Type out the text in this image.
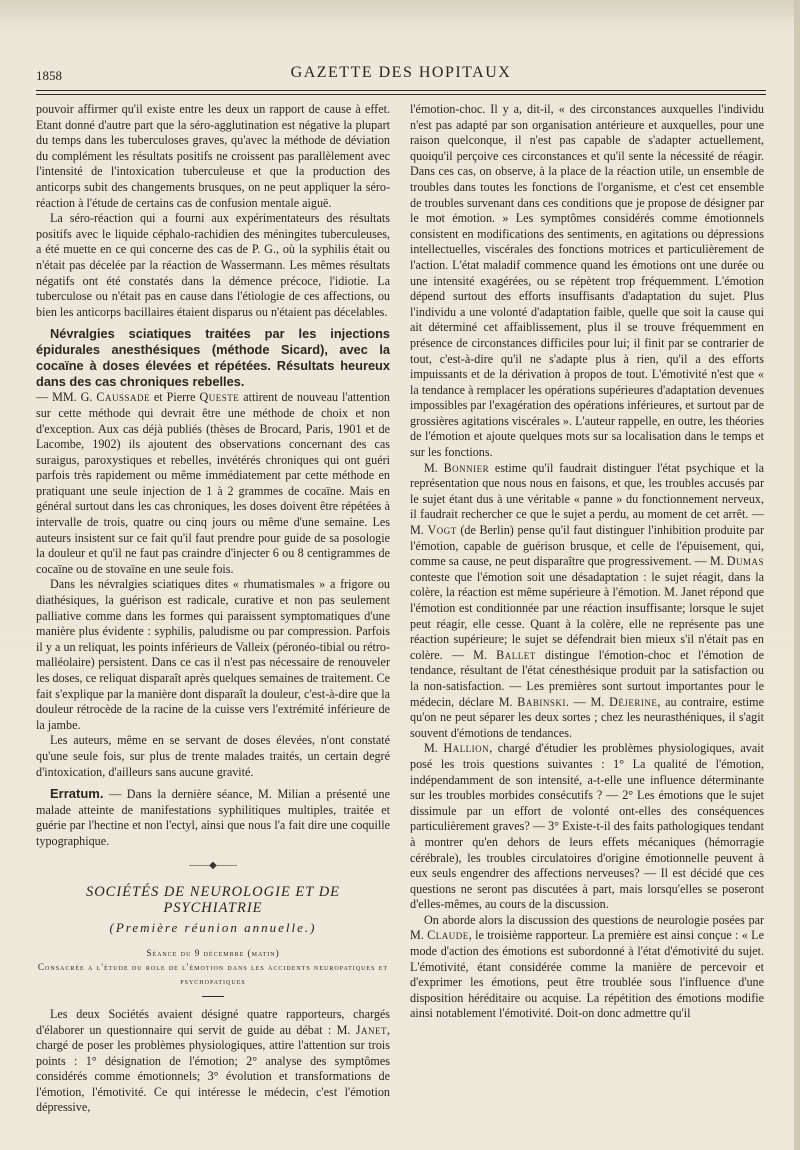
1858	GAZETTE DES HOPITAUX

pouvoir affirmer qu'il existe entre les deux un rapport de cause à effet. Etant donné d'autre part que la séro-agglutination est négative la plupart du temps dans les tuberculoses graves, qu'avec la méthode de déviation du complément les résultats positifs ne croissent pas parallèlement avec l'intensité de l'intoxication tuberculeuse et que la production des anticorps subit des changements brusques, on ne peut appliquer la séro-réaction à l'étude de certains cas de confusion mentale aiguë.

La séro-réaction qui a fourni aux expérimentateurs des résultats positifs avec le liquide céphalo-rachidien des méningites tuberculeuses, a été muette en ce qui concerne des cas de P. G., où la syphilis était ou n'était pas décelée par la réaction de Wassermann. Les mêmes résultats négatifs ont été constatés dans la démence précoce, l'idiotie. La tuberculose ou n'était pas en cause dans l'étiologie de ces affections, ou bien les anticorps bacillaires étaient disparus ou n'étaient pas décelables.

Névralgies sciatiques traitées par les injections épidurales anesthésiques (méthode Sicard), avec la cocaïne à doses élevées et répétées. Résultats heureux dans des cas chroniques rebelles.

— MM. G. Caussade et Pierre Queste attirent de nouveau l'attention sur cette méthode qui devrait être une méthode de choix et non d'exception. Aux cas déjà publiés (thèses de Brocard, Paris, 1901 et de Lacombe, 1902) ils ajoutent des observations concernant des cas suraigus, paroxystiques et rebelles, invétérés chroniques qui ont guéri parfois très rapidement ou même immédiatement par cette méthode en pratiquant une seule injection de 1 à 2 grammes de cocaïne. Mais en général surtout dans les cas chroniques, les doses doivent être répétées à intervalle de trois, quatre ou cinq jours ou même d'une semaine. Les auteurs insistent sur ce fait qu'il faut prendre pour guide de sa posologie la douleur et qu'il ne faut pas craindre d'injecter 6 ou 8 centigrammes de cocaïne ou de stovaïne en une seule fois.

Dans les névralgies sciatiques dites « rhumatismales » a frigore ou diathésiques, la guérison est radicale, curative et non pas seulement palliative comme dans les formes qui paraissent symptomatiques d'une manière plus évidente : syphilis, paludisme ou par compression. Parfois il y a un reliquat, les points inférieurs de Valleix (péronéo-tibial ou rétro-malléolaire) persistent. Dans ce cas il n'est pas nécessaire de renouveler les doses, ce reliquat disparaît après quelques semaines de traitement. Ce fait s'explique par la manière dont disparaît la douleur, c'est-à-dire que la douleur rétrocède de la racine de la cuisse vers l'extrémité inférieure de la jambe.

Les auteurs, même en se servant de doses élevées, n'ont constaté qu'une seule fois, sur plus de trente malades traités, un certain degré d'intoxication, d'ailleurs sans aucune gravité.

Erratum. — Dans la dernière séance, M. Milian a présenté une malade atteinte de manifestations syphilitiques multiples, traitée et guérie par l'hectine et non l'ectyl, ainsi que nous l'a fait dire une coquille typographique.

——◆——
SOCIÉTÉS DE NEUROLOGIE ET DE PSYCHIATRIE
(Première réunion annuelle.)
Séance du 9 décembre (matin)
Consacrée a l'étude du role de l'émotion dans les accidents neuropatiques et psychopatiques

Les deux Sociétés avaient désigné quatre rapporteurs, chargés d'élaborer un questionnaire qui servit de guide au débat : M. Janet, chargé de poser les problèmes physiologiques, attire l'attention sur trois points : 1° désignation de l'émotion; 2° analyse des symptômes considérés comme émotionnels; 3° évolution et transformations de l'émotion, l'émotivité. Ce qui intéresse le médecin, c'est l'émotion dépressive,

l'émotion-choc. Il y a, dit-il, « des circonstances auxquelles l'individu n'est pas adapté par son organisation antérieure et auxquelles, pour une raison quelconque, il n'est pas capable de s'adapter actuellement, quoiqu'il perçoive ces circonstances et qu'il sente la nécessité de réagir. Dans ces cas, on observe, à la place de la réaction utile, un ensemble de troubles dans toutes les fonctions de l'organisme, et c'est cet ensemble de troubles survenant dans ces conditions que je propose de désigner par le mot émotion. » Les symptômes considérés comme émotionnels consistent en modifications des sentiments, en agitations ou dépressions intellectuelles, viscérales des fonctions motrices et particulièrement de l'action. L'état maladif commence quand les émotions ont une durée ou une intensité exagérées, ou se répètent trop fréquemment. L'émotion dépend surtout des efforts insuffisants d'adaptation du sujet. Plus l'individu a une volonté d'adaptation faible, quelle que soit la cause qui ait déterminé cet affaiblissement, plus il se trouve fréquemment en présence de circonstances difficiles pour lui; il finit par se contrarier de tout, c'est-à-dire qu'il ne s'adapte plus à rien, qu'il a des efforts impuissants et de la dérivation à propos de tout. L'émotivité n'est que « la tendance à remplacer les opérations supérieures d'adaptation devenues impossibles par l'exagération des opérations inférieures, et surtout par de grossières agitations viscérales ». L'auteur rappelle, en outre, les théories de l'émotion et ajoute quelques mots sur sa localisation dans le temps et sur les fonctions.

M. Bonnier estime qu'il faudrait distinguer l'état psychique et la représentation que nous nous en faisons, et que, les troubles accusés par le sujet étant dus à une véritable « panne » du fonctionnement nerveux, il faudrait rechercher ce que le sujet a perdu, au moment de cet arrêt. — M. Vogt (de Berlin) pense qu'il faut distinguer l'inhibition produite par l'émotion, capable de guérison brusque, et celle de l'épuisement, qui, comme sa cause, ne peut disparaître que progressivement. — M. Dumas conteste que l'émotion soit une désadaptation : le sujet réagit, dans la colère, la réaction est même supérieure à l'émotion. M. Janet répond que l'émotion est conditionnée par une réaction insuffisante; lorsque le sujet peut réagir, elle cesse. Quant à la colère, elle ne représente pas une réaction supérieure; le sujet se défendrait bien mieux s'il n'était pas en colère. — M. Ballet distingue l'émotion-choc et l'émotion de tendance, résultant de l'état cénesthésique produit par la satisfaction ou la non-satisfaction. — Les premières sont surtout importantes pour le médecin, déclare M. Babinski. — M. Déjerine, au contraire, estime qu'on ne peut séparer les deux sortes ; chez les neurasthéniques, il s'agit souvent d'émotions de tendances.

M. Hallion, chargé d'étudier les problèmes physiologiques, avait posé les trois questions suivantes : 1° La qualité de l'émotion, indépendamment de son intensité, a-t-elle une influence déterminante sur les troubles morbides consécutifs ? — 2° Les émotions que le sujet dissimule par un effort de volonté ont-elles des conséquences particulièrement graves? — 3° Existe-t-il des faits pathologiques tendant à montrer qu'en dehors de leurs effets mécaniques (hémorragie cérébrale), les troubles circulatoires d'origine émotionnelle peuvent à eux seuls engendrer des affections nerveuses? — Il est décidé que ces questions ne seront pas discutées à part, mais lorsqu'elles se poseront d'elles-mêmes, au cours de la discussion.

On aborde alors la discussion des questions de neurologie posées par M. Claude, le troisième rapporteur. La première est ainsi conçue : « Le mode d'action des émotions est subordonné à l'état d'émotivité du sujet. L'émotivité, étant considérée comme la manière de percevoir et d'exprimer les émotions, peut être troublée sous l'influence d'une disposition héréditaire ou acquise. La répétition des émotions modifie ainsi notablement l'émotivité. Doit-on donc admettre qu'il
